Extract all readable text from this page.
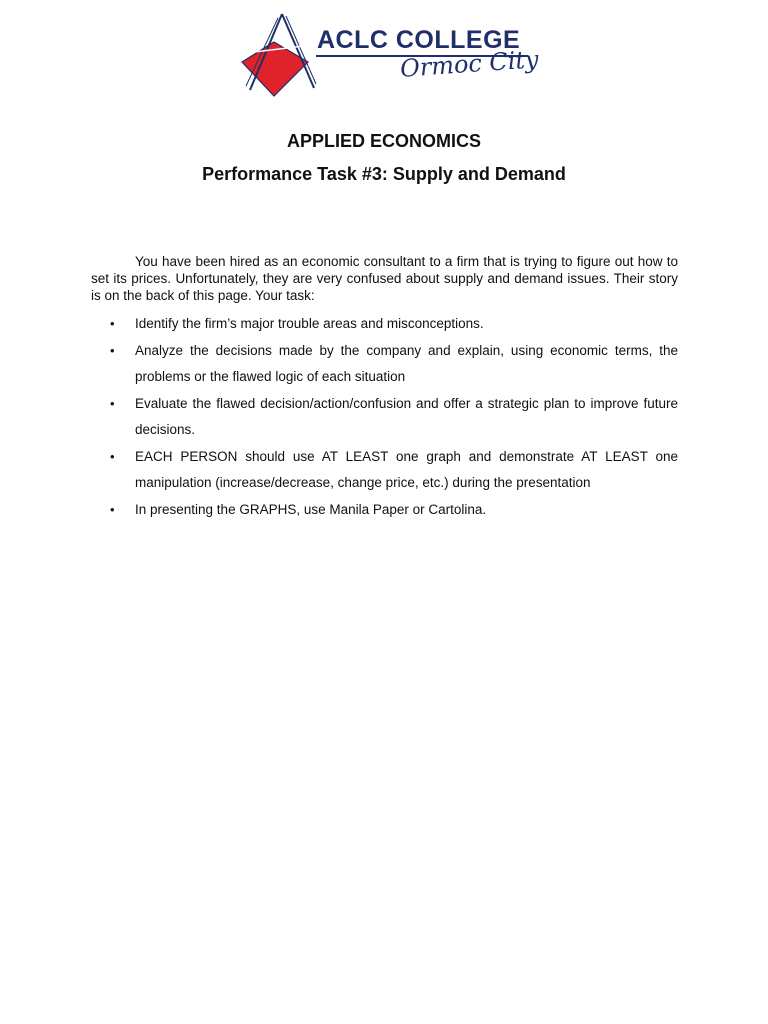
ACLC COLLEGE
Ormoc City
APPLIED ECONOMICS
Performance Task #3: Supply and Demand

You have been hired as an economic consultant to a firm that is trying to figure out how to set its prices. Unfortunately, they are very confused about supply and demand issues. Their story is on the back of this page. Your task:

• Identify the firm’s major trouble areas and misconceptions.
• Analyze the decisions made by the company and explain, using economic terms, the problems or the flawed logic of each situation
• Evaluate the flawed decision/action/confusion and offer a strategic plan to improve future decisions.
• EACH PERSON should use AT LEAST one graph and demonstrate AT LEAST one manipulation (increase/decrease, change price, etc.) during the presentation
• In presenting the GRAPHS, use Manila Paper or Cartolina.
